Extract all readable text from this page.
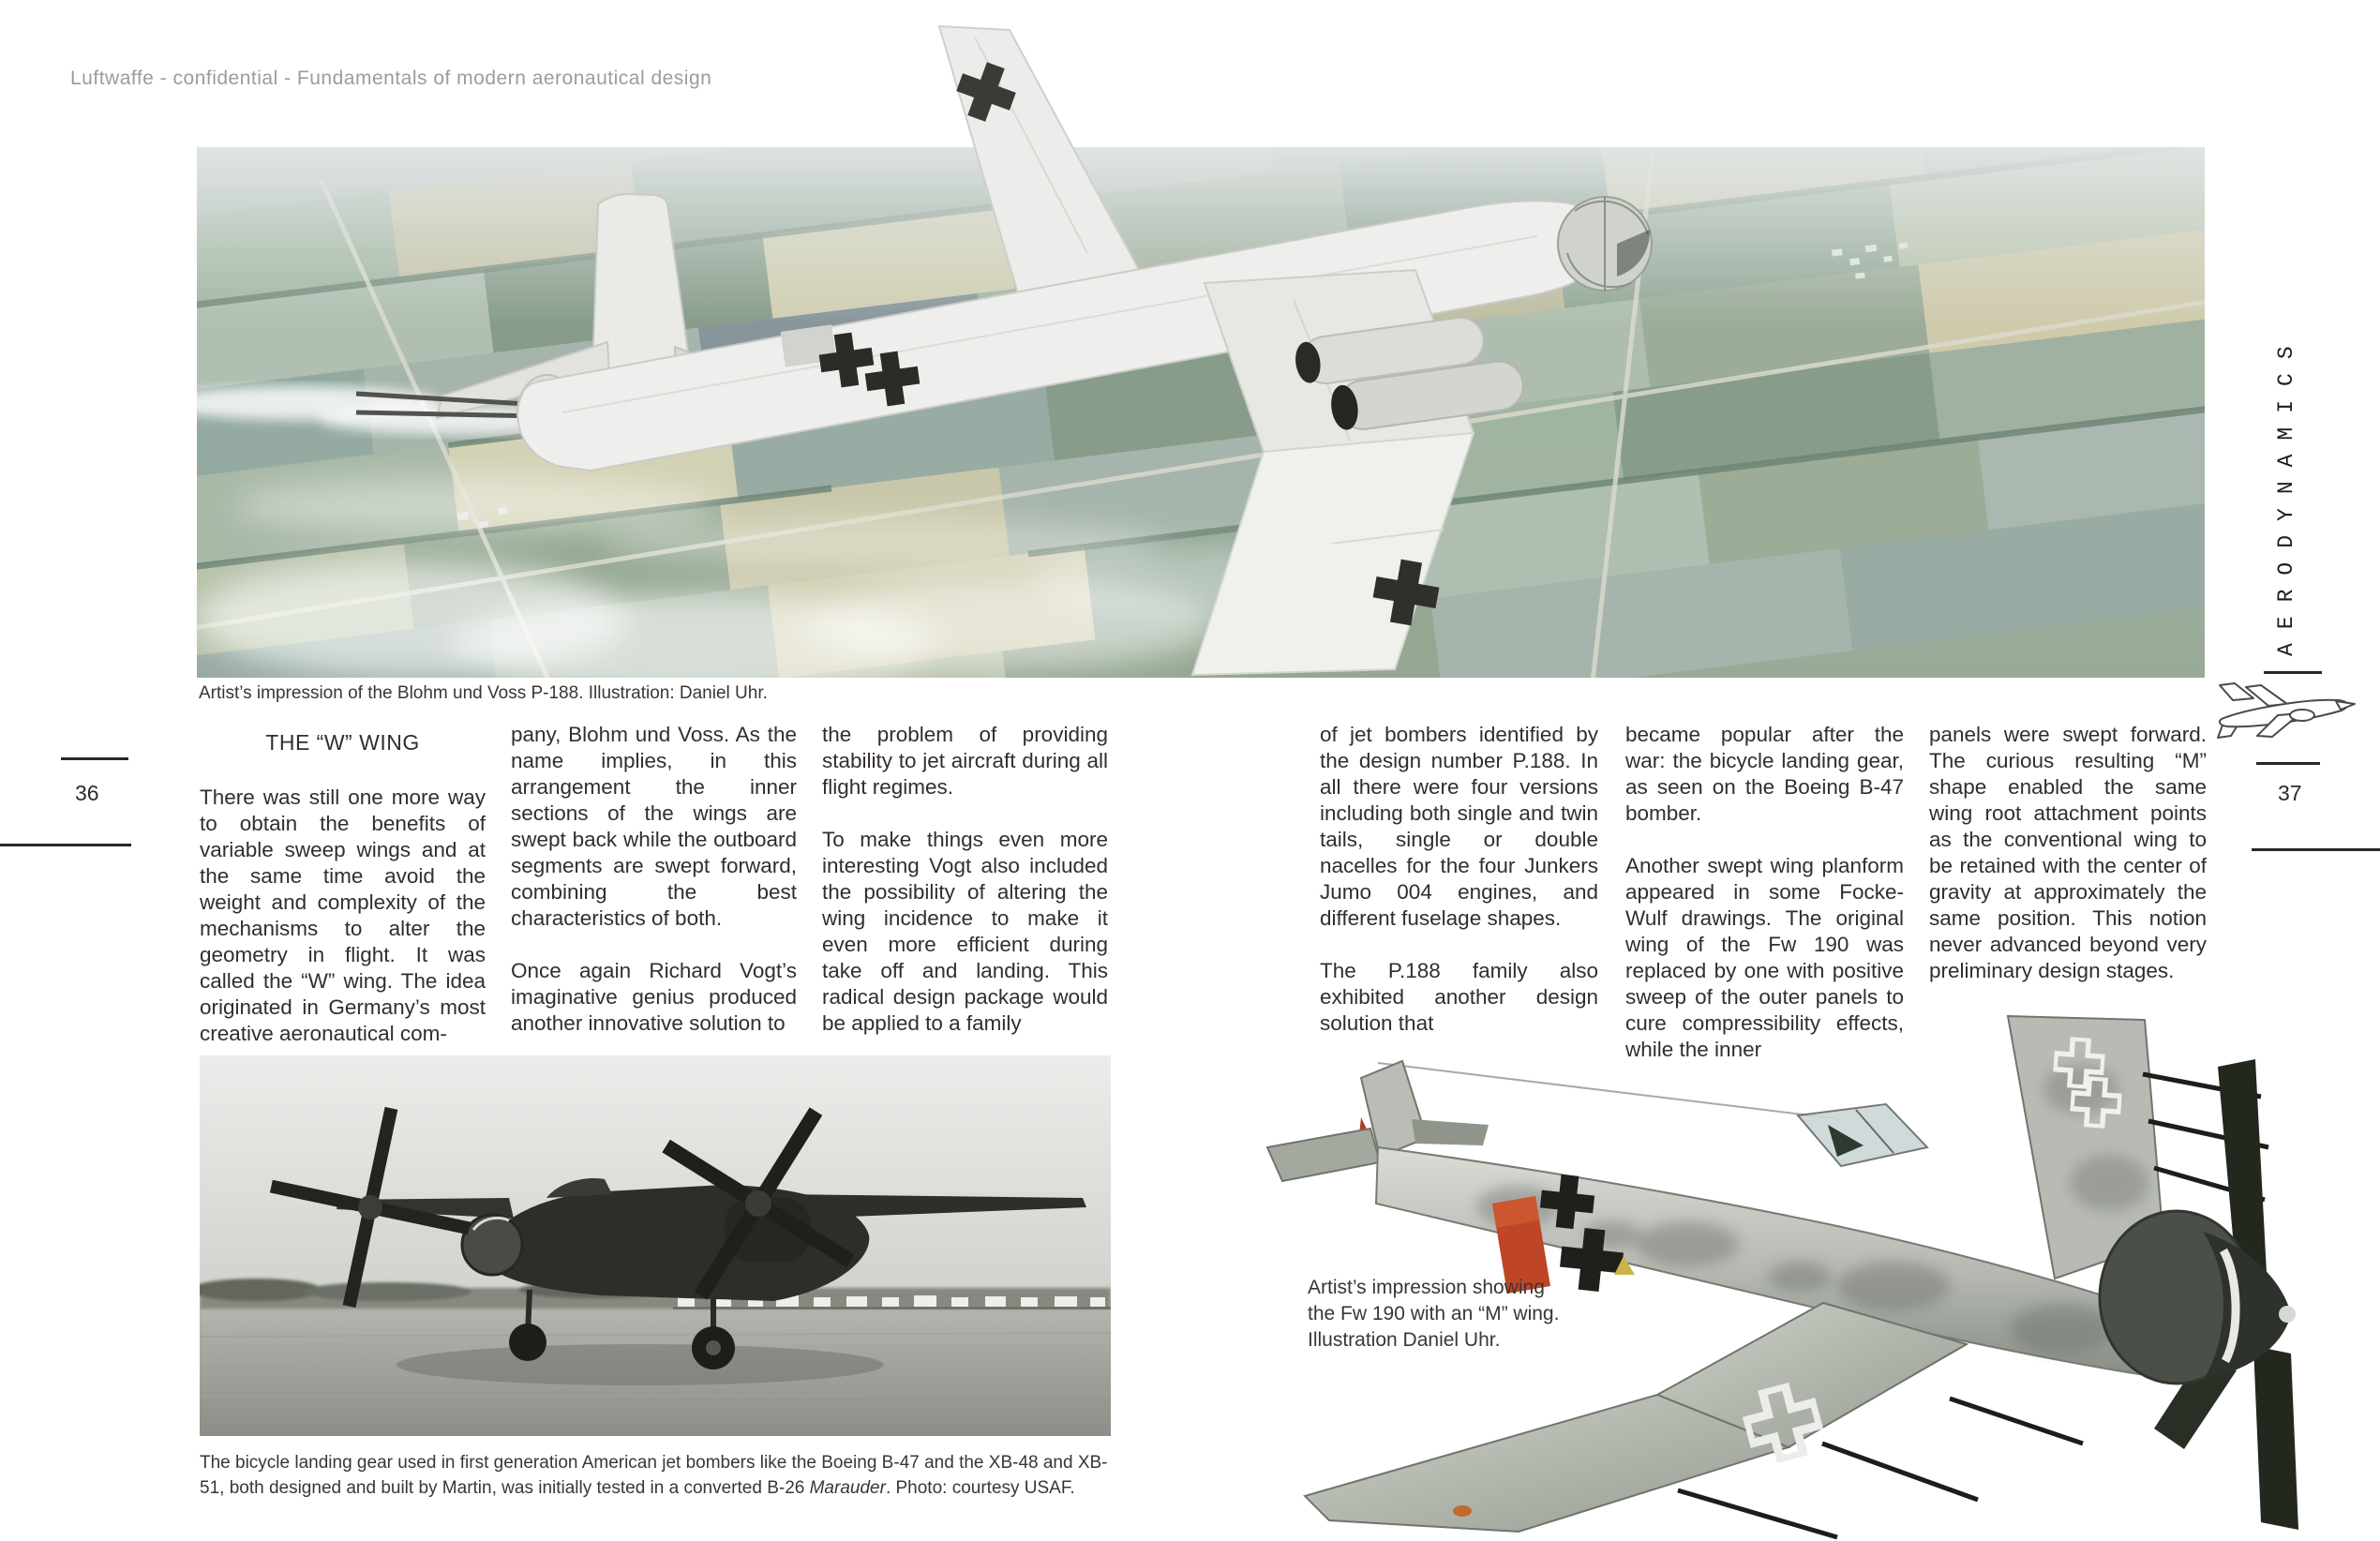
Luftwaffe - confidential - Fundamentals of modern aeronautical design
Artist’s impression of the Blohm und Voss P-188. Illustration: Daniel Uhr.
THE “W” WING

There was still one more way to obtain the benefits of variable sweep wings and at the same time avoid the weight and complexity of the mechanisms to alter the geometry in flight. It was called the “W” wing. The idea originated in Germany’s most creative aeronautical com-

pany, Blohm und Voss. As the name implies, in this arrangement the inner sections of the wings are swept back while the outboard segments are swept forward, combining the best characteristics of both.

Once again Richard Vogt’s imaginative genius produced another innovative solution to

the problem of providing stability to jet aircraft during all flight regimes.

To make things even more interesting Vogt also included the possibility of altering the wing incidence to make it even more efficient during take off and landing. This radical design package would be applied to a family

of jet bombers identified by the design number P.188. In all there were four versions including both single and twin tails, single or double nacelles for the four Junkers Jumo 004 engines, and different fuselage shapes.

The P.188 family also exhibited another design solution that

became popular after the war: the bicycle landing gear, as seen on the Boeing B-47 bomber.

Another swept wing planform appeared in some Focke-Wulf drawings. The original wing of the Fw 190 was replaced by one with positive sweep of the outer panels to cure compressibility effects, while the inner

panels were swept forward. The curious resulting “M” shape enabled the same wing root attachment points as the conventional wing to be retained with the center of gravity at approximately the same position. This notion never advanced beyond very preliminary design stages.

36
AERODYNAMICS
37
The bicycle landing gear used in first generation American jet bombers like the Boeing B-47 and the XB-48 and XB-51, both designed and built by Martin, was initially tested in a converted B-26 Marauder. Photo: courtesy USAF.
Artist’s impression showing
the Fw 190 with an “M” wing.
Illustration Daniel Uhr.
